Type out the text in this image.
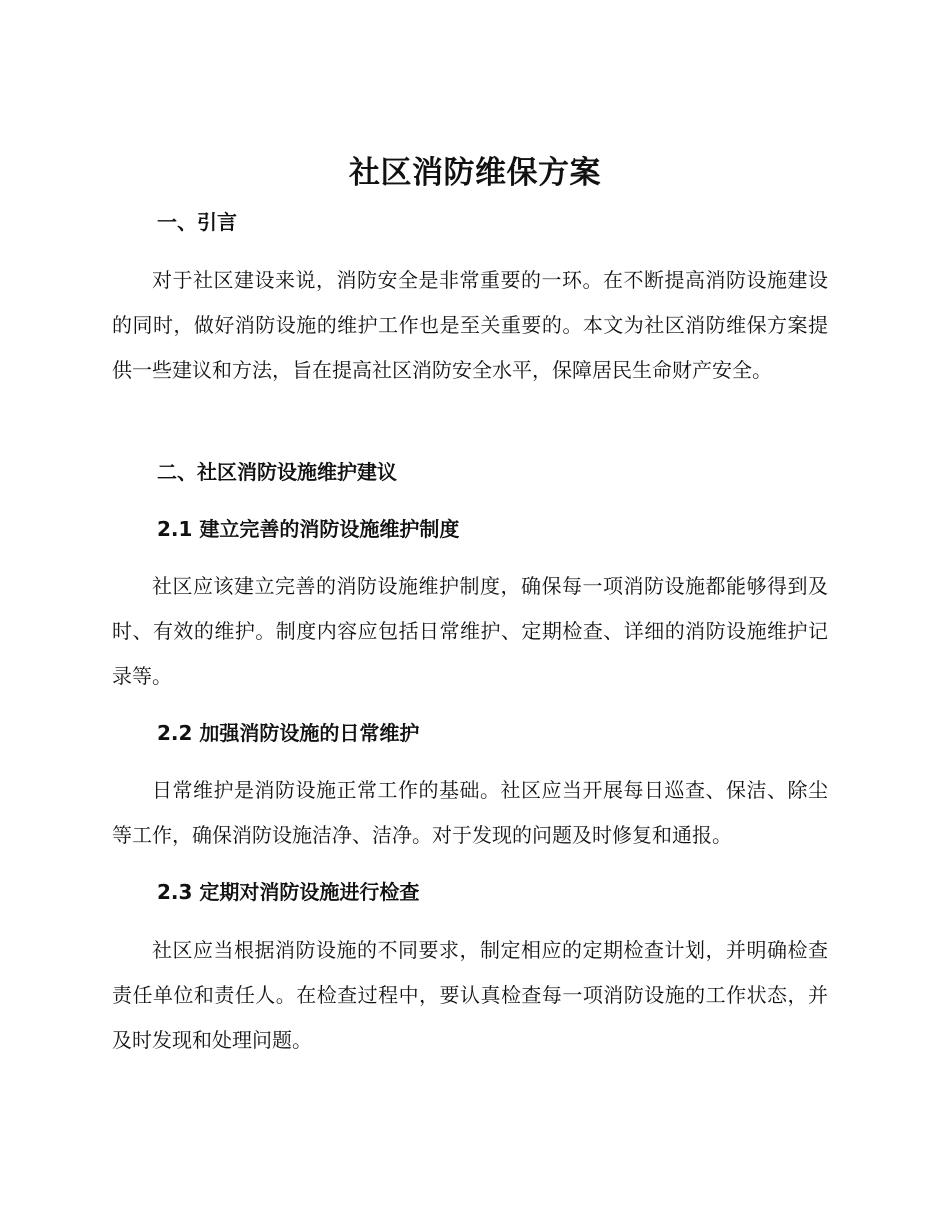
社区消防维保方案
一、引言

对于社区建设来说，消防安全是非常重要的一环。在不断提高消防设施建设的同时，做好消防设施的维护工作也是至关重要的。本文为社区消防维保方案提供一些建议和方法，旨在提高社区消防安全水平，保障居民生命财产安全。

二、社区消防设施维护建议
2.1 建立完善的消防设施维护制度

社区应该建立完善的消防设施维护制度，确保每一项消防设施都能够得到及时、有效的维护。制度内容应包括日常维护、定期检查、详细的消防设施维护记录等。

2.2 加强消防设施的日常维护

日常维护是消防设施正常工作的基础。社区应当开展每日巡查、保洁、除尘等工作，确保消防设施洁净、洁净。对于发现的问题及时修复和通报。

2.3 定期对消防设施进行检查

社区应当根据消防设施的不同要求，制定相应的定期检查计划，并明确检查责任单位和责任人。在检查过程中，要认真检查每一项消防设施的工作状态，并及时发现和处理问题。
